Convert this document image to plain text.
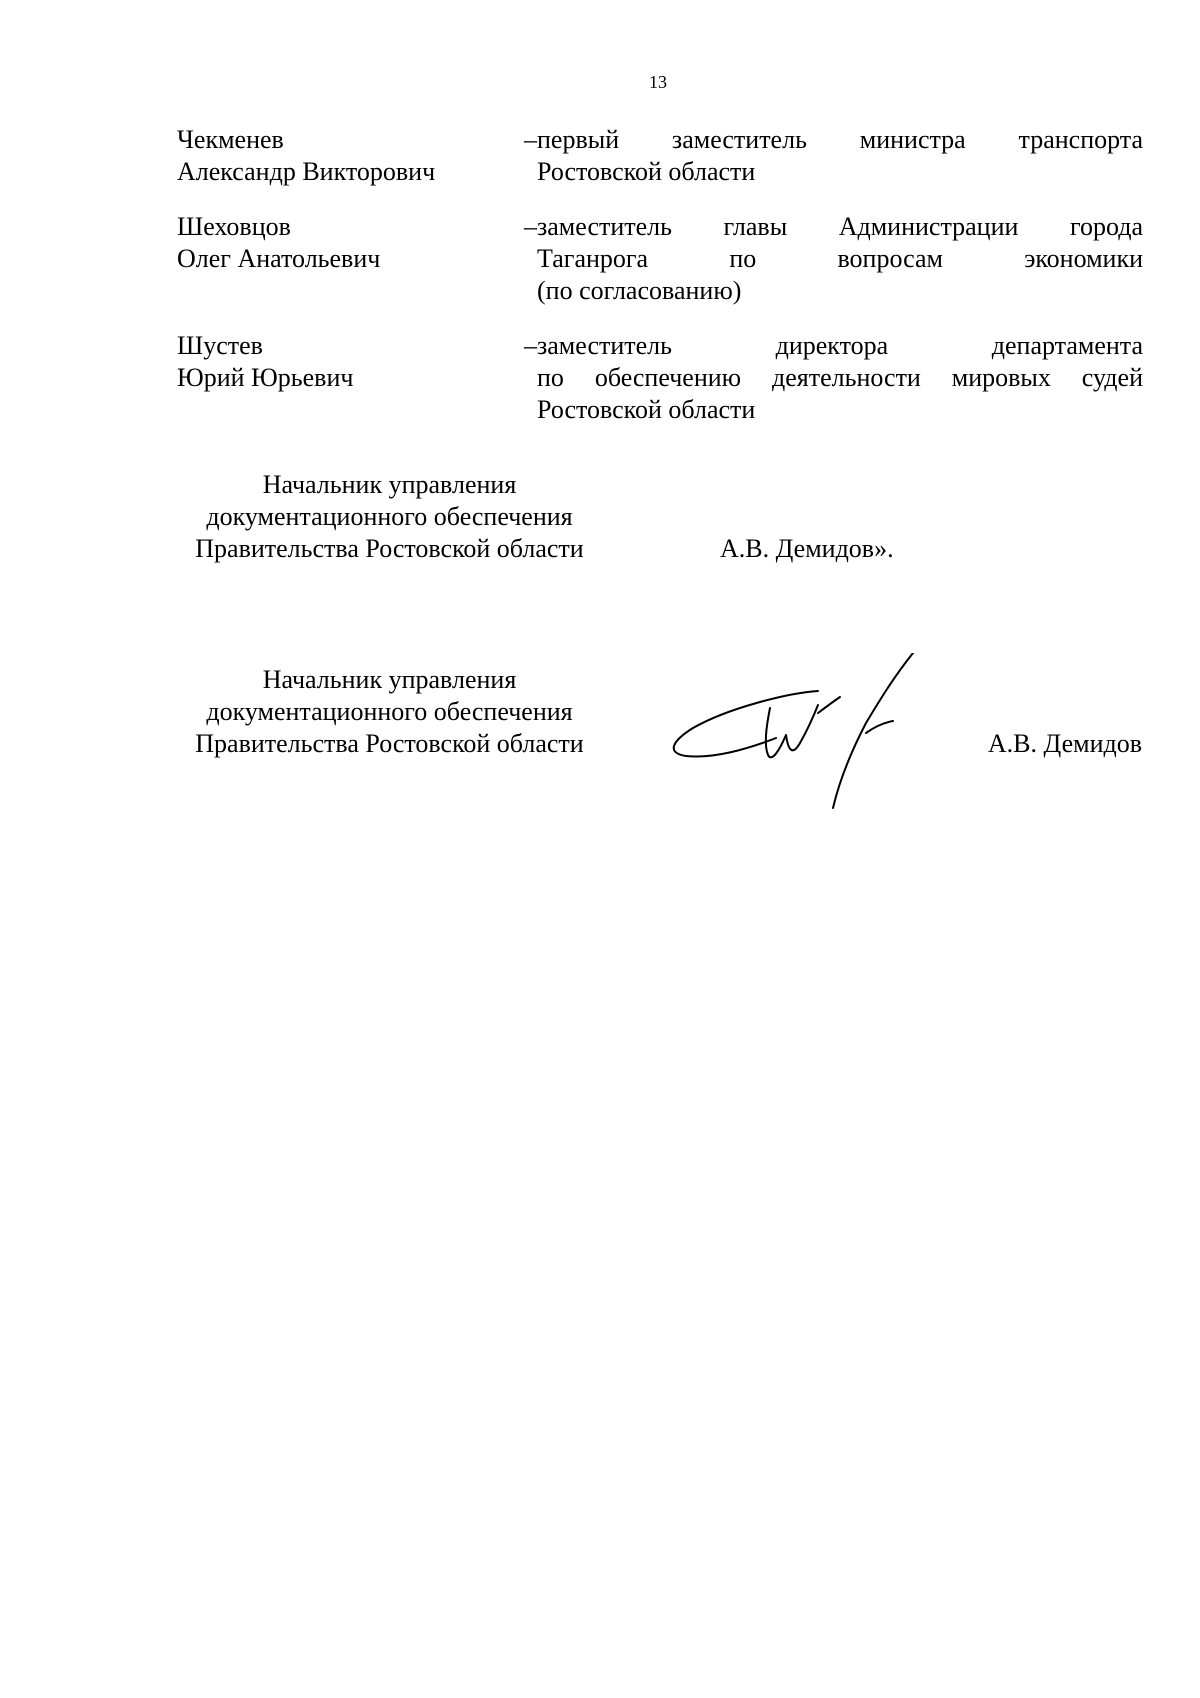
13
Чекменев
Александр Викторович
– первый заместитель министра транспорта
Ростовской области
Шеховцов
Олег Анатольевич
– заместитель главы Администрации города
Таганрога по вопросам экономики
(по согласованию)
Шустев
Юрий Юрьевич
– заместитель директора департамента
по обеспечению деятельности мировых судей
Ростовской области
Начальник управления
документационного обеспечения
Правительства Ростовской области	А.В. Демидов».
Начальник управления
документационного обеспечения
Правительства Ростовской области	А.В. Демидов
